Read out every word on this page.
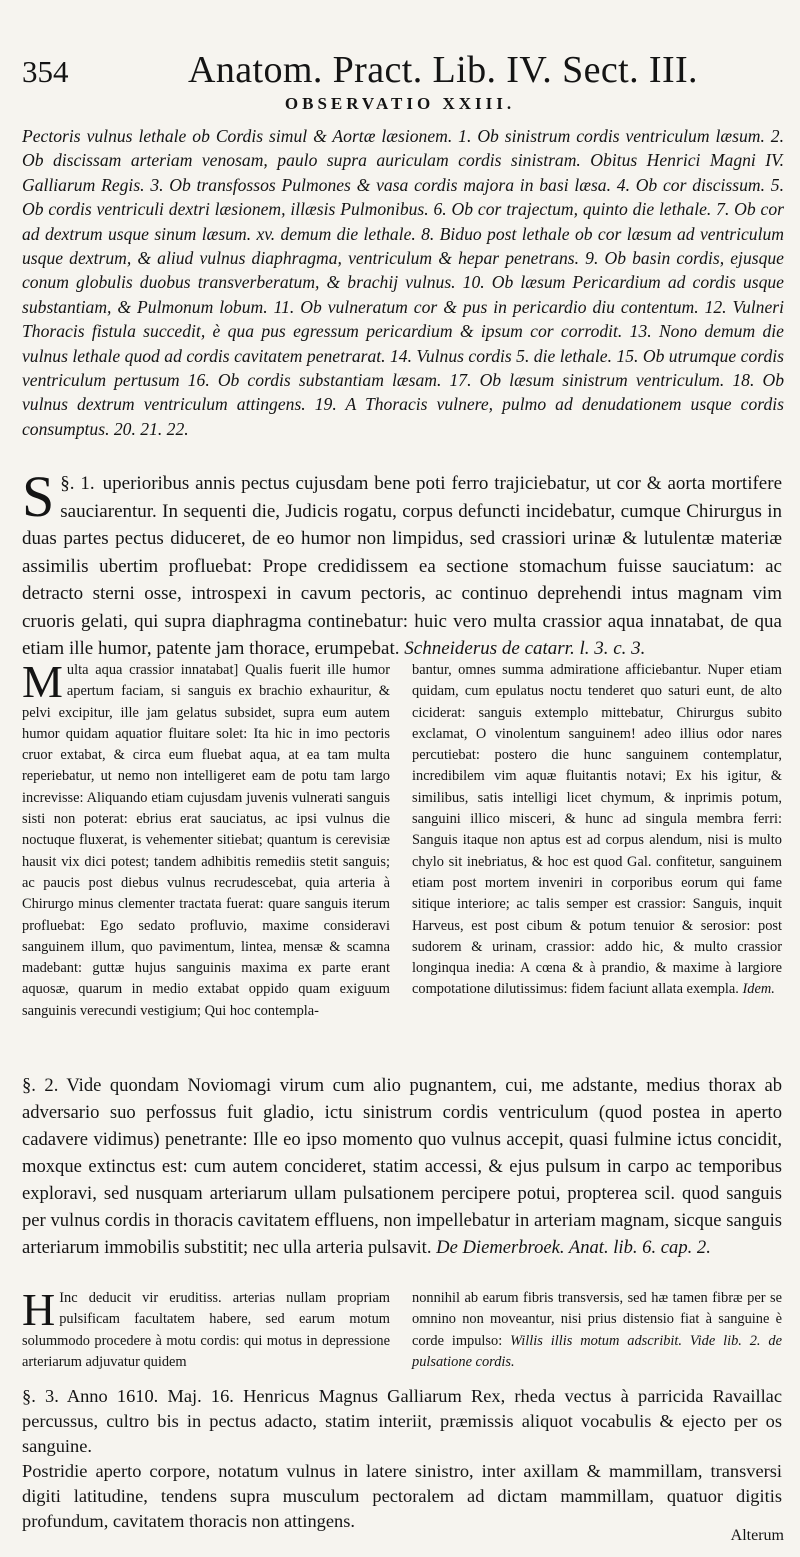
354	Anatom. Pract. Lib. IV. Sect. III.
OBSERVATIO XXIII.
Pectoris vulnus lethale ob Cordis simul & Aortæ læsionem. 1. Ob sinistrum cordis ventriculum læsum. 2. Ob discissam arteriam venosam, paulo supra auriculam cordis sinistram. Obitus Henrici Magni IV. Galliarum Regis. 3. Ob transfossos Pulmones & vasa cordis majora in basi læsa. 4. Ob cor discissum. 5. Ob cordis ventriculi dextri læsionem, illæsis Pulmonibus. 6. Ob cor trajectum, quinto die lethale. 7. Ob cor ad dextrum usque sinum læsum. xv. demum die lethale. 8. Biduo post lethale ob cor læsum ad ventriculum usque dextrum, & aliud vulnus diaphragma, ventriculum & hepar penetrans. 9. Ob basin cordis, ejusque conum globulis duobus transverberatum, & brachij vulnus. 10. Ob læsum Pericardium ad cordis usque substantiam, & Pulmonum lobum. 11. Ob vulneratum cor & pus in pericardio diu contentum. 12. Vulneri Thoracis fistula succedit, è qua pus egressum pericardium & ipsum cor corrodit. 13. Nono demum die vulnus lethale quod ad cordis cavitatem penetrarat. 14. Vulnus cordis 5. die lethale. 15. Ob utrumque cordis ventriculum pertusum 16. Ob cordis substantiam læsam. 17. Ob læsum sinistrum ventriculum. 18. Ob vulnus dextrum ventriculum attingens. 19. A Thoracis vulnere, pulmo ad denudationem usque cordis consumptus. 20. 21. 22.
§. 1.
S	uperioribus annis pectus cujusdam bene poti ferro trajiciebatur, ut cor & aorta mortifere sauciarentur. In sequenti die, Judicis rogatu, corpus defuncti incidebatur, cumque Chirurgus in duas partes pectus diduceret, de eo humor non limpidus, sed crassiori urinæ & lutulentæ materiæ assimilis ubertim profluebat: Prope credidissem ea sectione stomachum fuisse sauciatum: ac detracto sterni osse, introspexi in cavum pectoris, ac continuo deprehendi intus magnam vim cruoris gelati, qui supra diaphragma continebatur: huic vero multa crassior aqua innatabat, de qua etiam ille humor, patente jam thorace, erumpebat. Schneiderus de catarr. l. 3. c. 3.
Multa aqua crassior innatabat] Qualis fuerit ille humor apertum faciam, si sanguis ex brachio exhauritur, & pelvi excipitur, ille jam gelatus subsidet, supra eum autem humor quidam aquatior fluitare solet: Ita hic in imo pectoris cruor extabat, & circa eum fluebat aqua, at ea tam multa reperiebatur, ut nemo non intelligeret eam de potu tam largo increvisse: Aliquando etiam cujusdam juvenis vulnerati sanguis sisti non poterat: ebrius erat sauciatus, ac ipsi vulnus die noctuque fluxerat, is vehementer sitiebat; quantum is cerevisiæ hausit vix dici potest; tandem adhibitis remediis stetit sanguis; ac paucis post diebus vulnus recrudescebat, quia arteria à Chirurgo minus clementer tractata fuerat: quare sanguis iterum profluebat: Ego sedato profluvio, maxime consideravi sanguinem illum, quo pavimentum, lintea, mensæ & scamna madebant: guttæ hujus sanguinis maxima ex parte erant aquosæ, quarum in medio extabat oppido quam exiguum sanguinis verecundi vestigium; Qui hoc contempla-
bantur, omnes summa admiratione afficiebantur. Nuper etiam quidam, cum epulatus noctu tenderet quo saturi eunt, de alto ciciderat: sanguis extemplo mittebatur, Chirurgus subito exclamat, O vinolentum sanguinem! adeo illius odor nares percutiebat: postero die hunc sanguinem contemplatur, incredibilem vim aquæ fluitantis notavi; Ex his igitur, & similibus, satis intelligi licet chymum, & inprimis potum, sanguini illico misceri, & hunc ad singula membra ferri: Sanguis itaque non aptus est ad corpus alendum, nisi is multo chylo sit inebriatus, & hoc est quod Gal. confitetur, sanguinem etiam post mortem inveniri in corporibus eorum qui fame sitique interiore; ac talis semper est crassior: Sanguis, inquit Harveus, est post cibum & potum tenuior & serosior: post sudorem & urinam, crassior: addo hic, & multo crassior longinqua inedia: A cœna & à prandio, & maxime à largiore compotatione dilutissimus: fidem faciunt allata exempla. Idem.
§. 2. Vide quondam Noviomagi virum cum alio pugnantem, cui, me adstante, medius thorax ab adversario suo perfossus fuit gladio, ictu sinistrum cordis ventriculum (quod postea in aperto cadavere vidimus) penetrante: Ille eo ipso momento quo vulnus accepit, quasi fulmine ictus concidit, moxque extinctus est: cum autem concideret, statim accessi, & ejus pulsum in carpo ac temporibus exploravi, sed nusquam arteriarum ullam pulsationem percipere potui, propterea scil. quod sanguis per vulnus cordis in thoracis cavitatem effluens, non impellebatur in arteriam magnam, sicque sanguis arteriarum immobilis substitit; nec ulla arteria pulsavit. De Diemerbroek. Anat. lib. 6. cap. 2.
H Inc deducit vir eruditiss. arterias nullam propriam pulsificam facultatem habere, sed earum motum solummodo procedere à motu cordis: qui motus in depressione arteriarum adjuvatur quidem
nonnihil ab earum fibris transversis, sed hæ tamen fibræ per se omnino non moveantur, nisi prius distensio fiat à sanguine è corde impulso: Willis illis motum adscribit. Vide lib. 2. de pulsatione cordis.
§. 3. Anno 1610. Maj. 16. Henricus Magnus Galliarum Rex, rheda vectus à parricida Ravaillac percussus, cultro bis in pectus adacto, statim interiit, præmissis aliquot vocabulis & ejecto per os sanguine.
Postridie aperto corpore, notatum vulnus in latere sinistro, inter axillam & mammillam, transversi digiti latitudine, tendens supra musculum pectoralem ad dictam mammillam, quatuor digitis profundum, cavitatem thoracis non attingens.
Alterum
